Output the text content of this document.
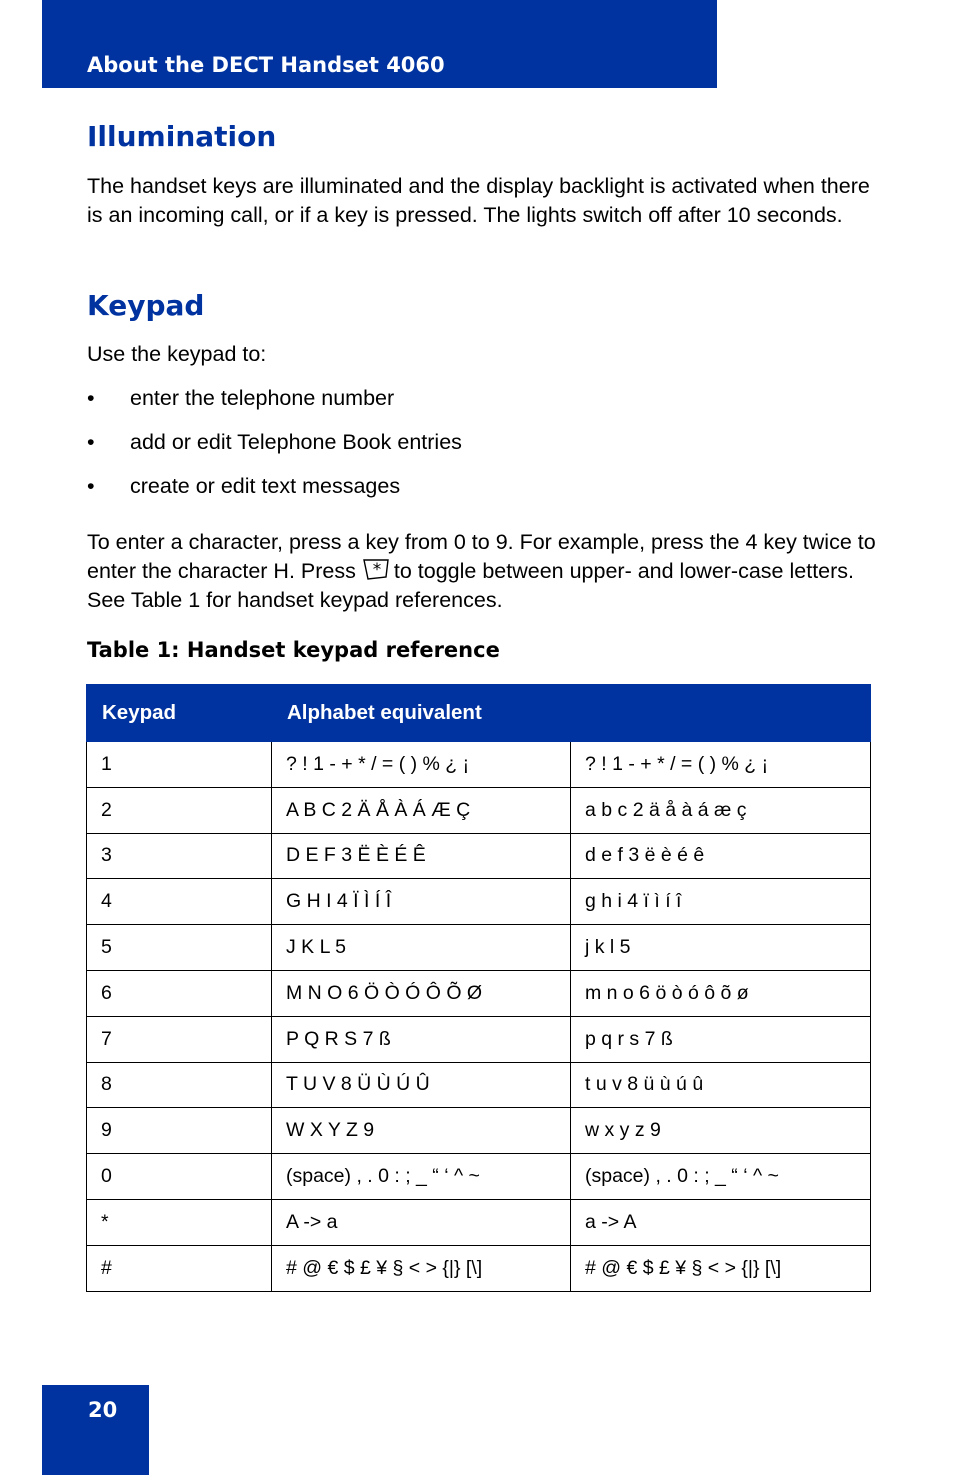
About the DECT Handset 4060
Illumination

The handset keys are illuminated and the display backlight is activated when there is an incoming call, or if a key is pressed. The lights switch off after 10 seconds.

Keypad

Use the keypad to:

• enter the telephone number
• add or edit Telephone Book entries
• create or edit text messages

To enter a character, press a key from 0 to 9. For example, press the 4 key twice to enter the character H. Press * to toggle between upper- and lower-case letters. See Table 1 for handset keypad references.

Table 1: Handset keypad reference

Keypad	Alphabet equivalent	
1	? ! 1 - + * / = ( ) % ¿ ¡	? ! 1 - + * / = ( ) % ¿ ¡
2	A B C 2 Ä Å À Á Æ Ç	a b c 2 ä å à á æ ç
3	D E F 3 Ë È É Ê	d e f 3 ë è é ê
4	G H I 4 Ï Ì Í Î	g h i 4 ï ì í î
5	J K L 5	j k l 5
6	M N O 6 Ö Ò Ó Ô Õ Ø	m n o 6 ö ò ó ô õ ø
7	P Q R S 7 ß	p q r s 7 ß
8	T U V 8 Ü Ù Ú Û	t u v 8 ü ù ú û
9	W X Y Z 9	w x y z 9
0	(space) , . 0 : ; _ “ ‘ ^ ~	(space) , . 0 : ; _ “ ‘ ^ ~
*	A -> a	a -> A
#	# @ € $ £ ¥ § < > {|} [\]	# @ € $ £ ¥ § < > {|} [\]
20
